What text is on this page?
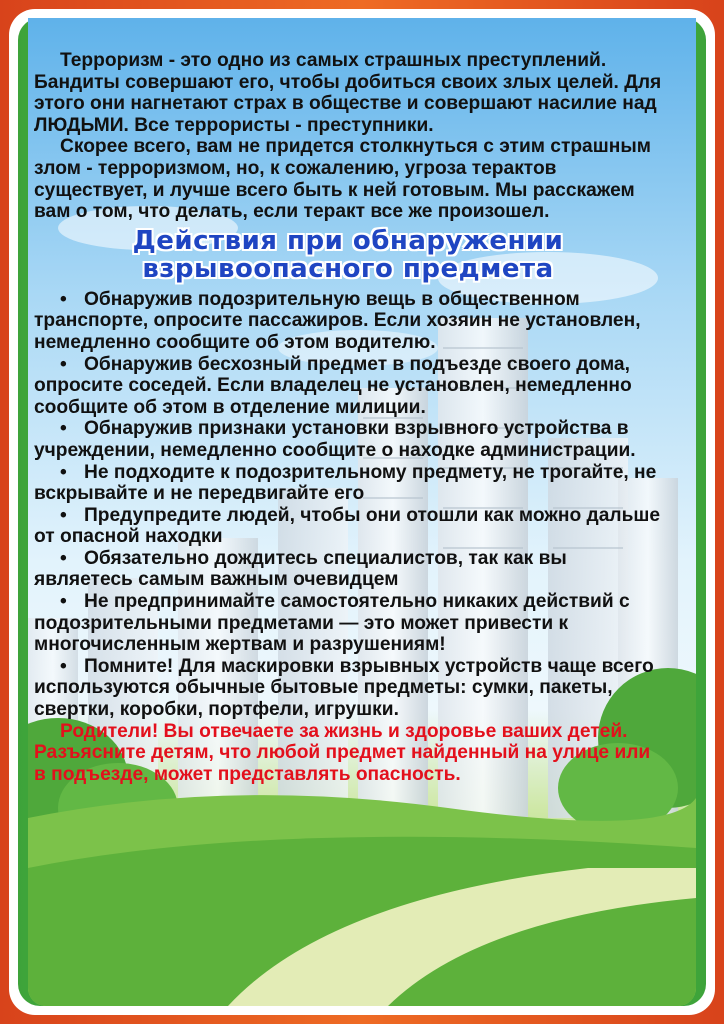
Терроризм - это одно из самых страшных преступлений. Бандиты совершают его, чтобы добиться своих злых целей. Для этого они нагнетают страх в обществе и совершают насилие над ЛЮДЬМИ. Все террористы - преступники.

Скорее всего, вам не придется столкнуться с этим страшным злом - терроризмом, но, к сожалению, угроза терактов существует, и лучше всего быть к ней готовым. Мы расскажем вам о том, что делать, если теракт все же произошел.

Действия при обнаружении
взрывоопасного предмета
• Обнаружив подозрительную вещь в общественном транспорте, опросите пассажиров. Если хозяин не установлен, немедленно сообщите об этом водителю.
• Обнаружив бесхозный предмет в подъезде своего дома, опросите соседей. Если владелец не установлен, немедленно сообщите об этом в отделение милиции.
• Обнаружив признаки установки взрывного устройства в учреждении, немедленно сообщите о находке администрации.
• Не подходите к подозрительному предмету, не трогайте, не вскрывайте и не передвигайте его
• Предупредите людей, чтобы они отошли как можно дальше от опасной находки
• Обязательно дождитесь специалистов, так как вы являетесь самым важным очевидцем
• Не предпринимайте самостоятельно никаких действий с подозрительными предметами — это может привести к многочисленным жертвам и разрушениям!
• Помните! Для маскировки взрывных устройств чаще всего используются обычные бытовые предметы: сумки, пакеты, свертки, коробки, портфели, игрушки.

Родители! Вы отвечаете за жизнь и здоровье ваших детей. Разъясните детям, что любой предмет найденный на улице или в подъезде, может представлять опасность.
